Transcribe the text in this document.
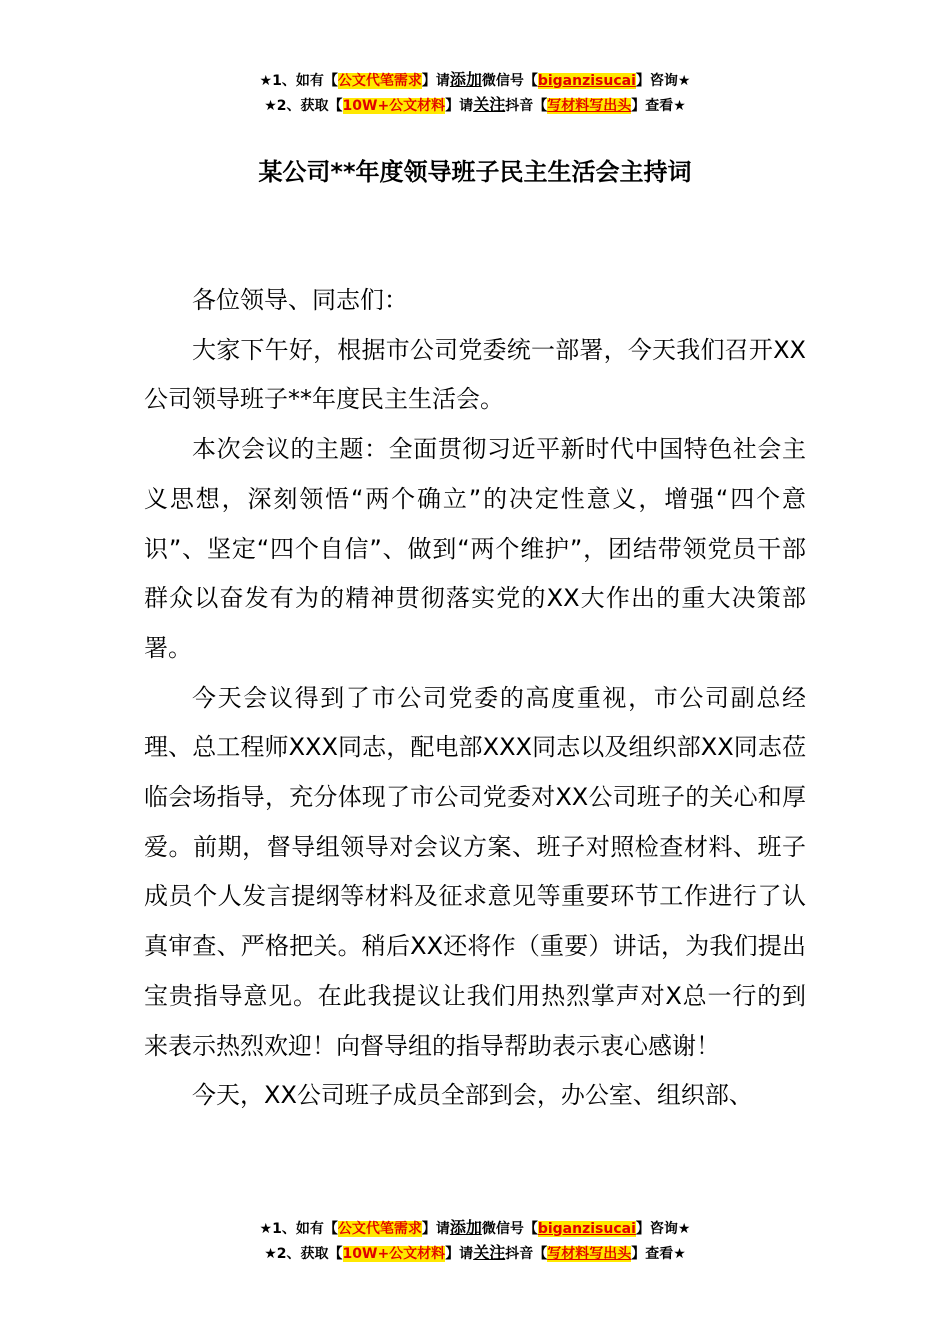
★1、如有【公文代笔需求】请添加微信号【biganzisucai】咨询★
★2、获取【10W+公文材料】请关注抖音【写材料写出头】查看★
某公司**年度领导班子民主生活会主持词

各位领导、同志们：

大家下午好，根据市公司党委统一部署，今天我们召开XX公司领导班子**年度民主生活会。

本次会议的主题：全面贯彻习近平新时代中国特色社会主义思想，深刻领悟“两个确立”的决定性意义，增强“四个意识”、坚定“四个自信”、做到“两个维护”，团结带领党员干部群众以奋发有为的精神贯彻落实党的XX大作出的重大决策部署。

今天会议得到了市公司党委的高度重视，市公司副总经理、总工程师XXX同志，配电部XXX同志以及组织部XX同志莅临会场指导，充分体现了市公司党委对XX公司班子的关心和厚爱。前期，督导组领导对会议方案、班子对照检查材料、班子成员个人发言提纲等材料及征求意见等重要环节工作进行了认真审查、严格把关。稍后XX还将作（重要）讲话，为我们提出宝贵指导意见。在此我提议让我们用热烈掌声对X总一行的到来表示热烈欢迎！向督导组的指导帮助表示衷心感谢！

今天，XX公司班子成员全部到会，办公室、组织部、

★1、如有【公文代笔需求】请添加微信号【biganzisucai】咨询★
★2、获取【10W+公文材料】请关注抖音【写材料写出头】查看★
